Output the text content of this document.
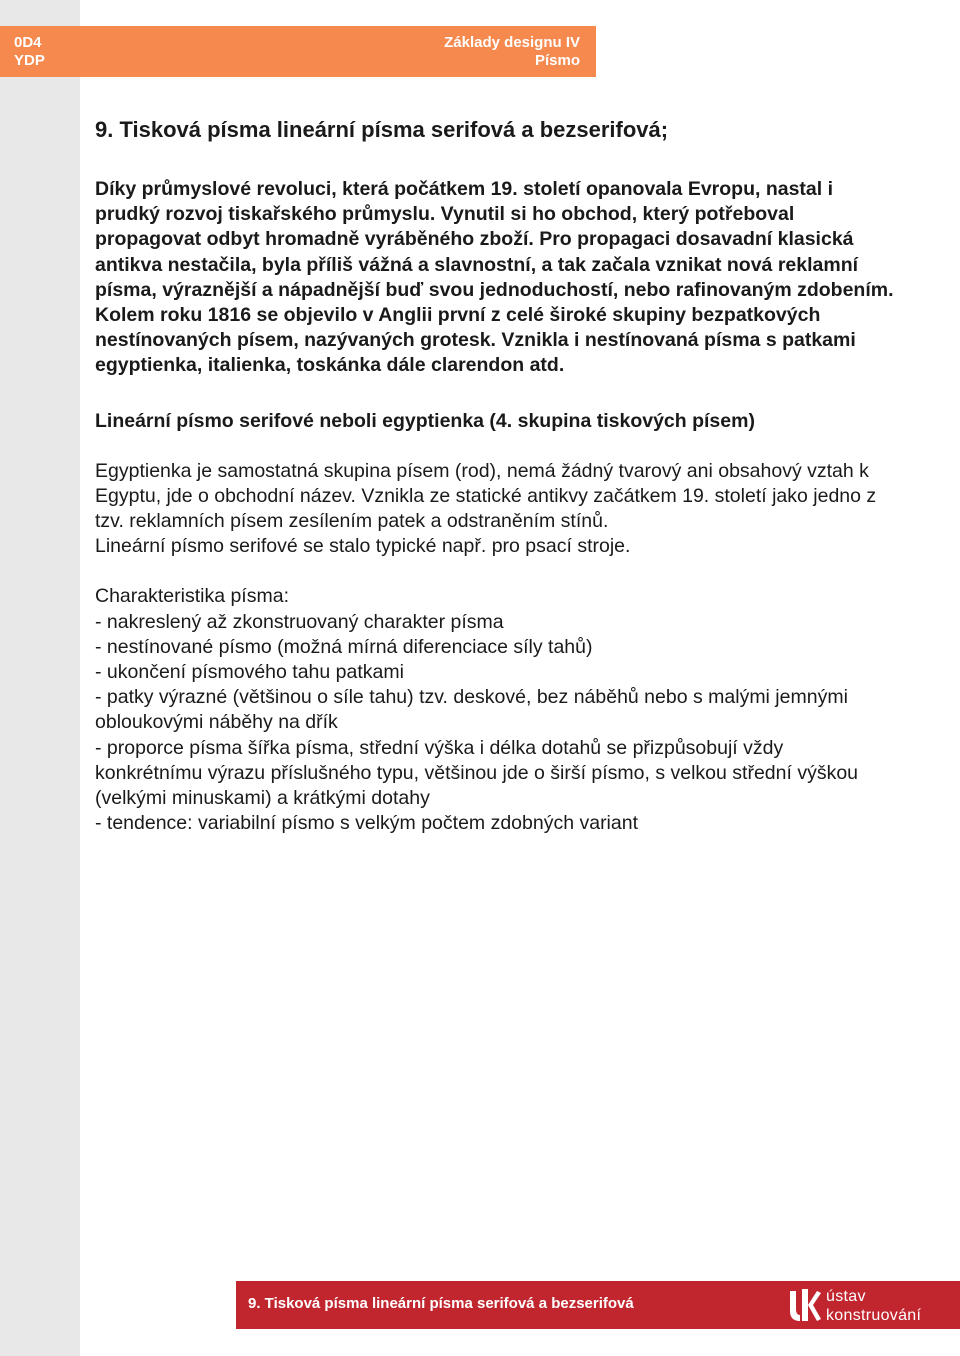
0D4
YDP
Základy designu IV
Písmo
9. Tisková písma lineární písma serifová a bezserifová;

Díky průmyslové revoluci, která počátkem 19. století opanovala Evropu, nastal i prudký rozvoj tiskařského průmyslu. Vynutil si ho obchod, který potřeboval propagovat odbyt hromadně vyráběného zboží. Pro propagaci dosavadní klasická antikva nestačila, byla příliš vážná a slavnostní, a tak začala vznikat nová reklamní písma, výraznější a nápadnější buď svou jednoduchostí, nebo rafinovaným zdobením. Kolem roku 1816 se objevilo v Anglii první z celé široké skupiny bezpatkových nestínovaných písem, nazývaných grotesk. Vznikla i nestínovaná písma s patkami egyptienka, italienka, toskánka dále clarendon atd.

Lineární písmo serifové neboli egyptienka (4. skupina tiskových písem)

Egyptienka je samostatná skupina písem (rod), nemá žádný tvarový ani obsahový vztah k Egyptu, jde o obchodní název. Vznikla ze statické antikvy začátkem 19. století jako jedno z tzv. reklamních písem zesílením patek a odstraněním stínů.
Lineární písmo serifové se stalo typické např. pro psací stroje.

Charakteristika písma:
- nakreslený až zkonstruovaný charakter písma
- nestínované písmo (možná mírná diferenciace síly tahů)
- ukončení písmového tahu patkami
- patky výrazné (většinou o síle tahu) tzv. deskové, bez náběhů nebo s malými jemnými obloukovými náběhy na dřík
- proporce písma šířka písma, střední výška i délka dotahů se přizpůsobují vždy konkrétnímu výrazu příslušného typu, většinou jde o širší písmo, s velkou střední výškou (velkými minuskami) a krátkými dotahy
- tendence: variabilní písmo s velkým počtem zdobných variant
9. Tisková písma lineární písma serifová a bezserifová	ústav
konstruování
